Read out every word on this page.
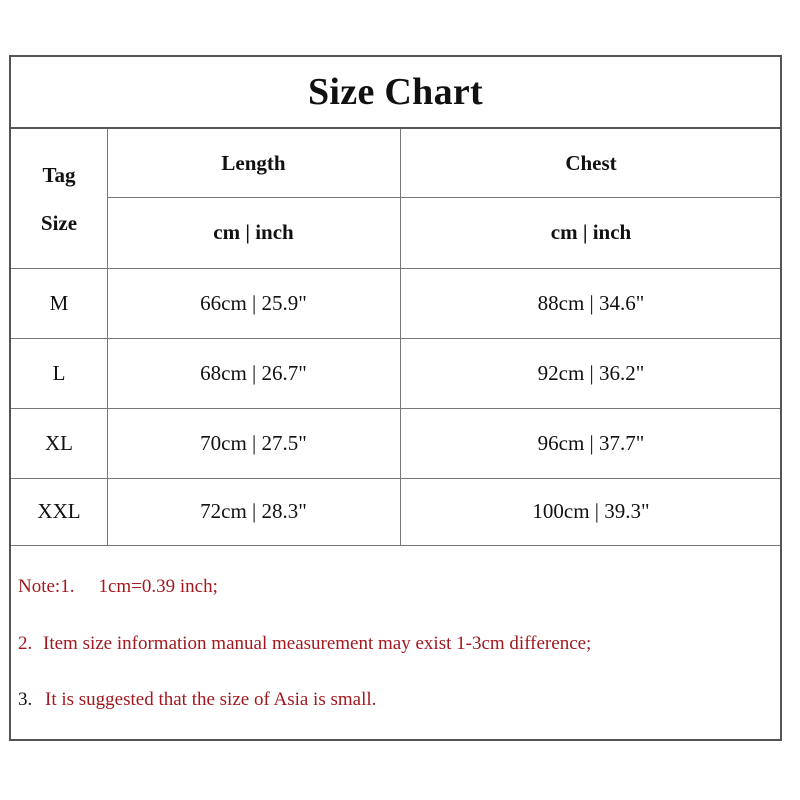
Size Chart
Tag
Size
Length	Chest
cm | inch	cm | inch
M	66cm | 25.9"	88cm | 34.6"
L	68cm | 26.7"	92cm | 36.2"
XL	70cm | 27.5"	96cm | 37.7"
XXL	72cm | 28.3"	100cm | 39.3"
Note:1. 1cm=0.39 inch;
2. Item size information manual measurement may exist 1-3cm difference;
3. It is suggested that the size of Asia is small.
